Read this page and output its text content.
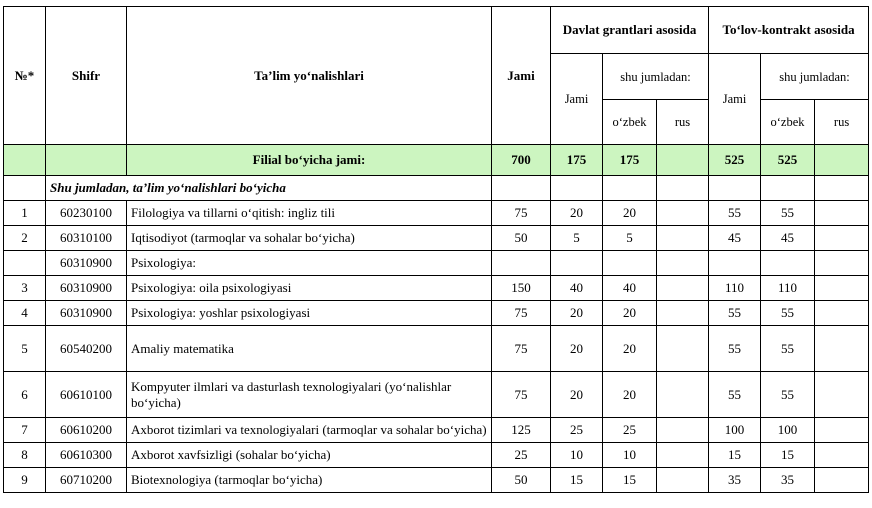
№*	Shifr	Ta’lim yo‘nalishlari	Jami	Davlat grantlari asosida			To‘lov-kontrakt asosida		
				Jami	shu jumladan:		Jami	shu jumladan:	
					o‘zbek	rus		o‘zbek	rus
		Filial bo‘yicha jami:	700	175	175		525	525	
	Shu jumladan, ta’lim yo‘nalishlari bo‘yicha								
1	60230100	Filologiya va tillarni o‘qitish: ingliz tili	75	20	20		55	55	
2	60310100	Iqtisodiyot (tarmoqlar va sohalar bo‘yicha)	50	5	5		45	45	
	60310900	Psixologiya:							
3	60310900	Psixologiya: oila psixologiyasi	150	40	40		110	110	
4	60310900	Psixologiya: yoshlar psixologiyasi	75	20	20		55	55	
5	60540200	Amaliy matematika	75	20	20		55	55	
6	60610100	Kompyuter ilmlari va dasturlash texnologiyalari (yo‘nalishlar bo‘yicha)	75	20	20		55	55	
7	60610200	Axborot tizimlari va texnologiyalari (tarmoqlar va sohalar bo‘yicha)	125	25	25		100	100	
8	60610300	Axborot xavfsizligi (sohalar bo‘yicha)	25	10	10		15	15	
9	60710200	Biotexnologiya (tarmoqlar bo‘yicha)	50	15	15		35	35	
